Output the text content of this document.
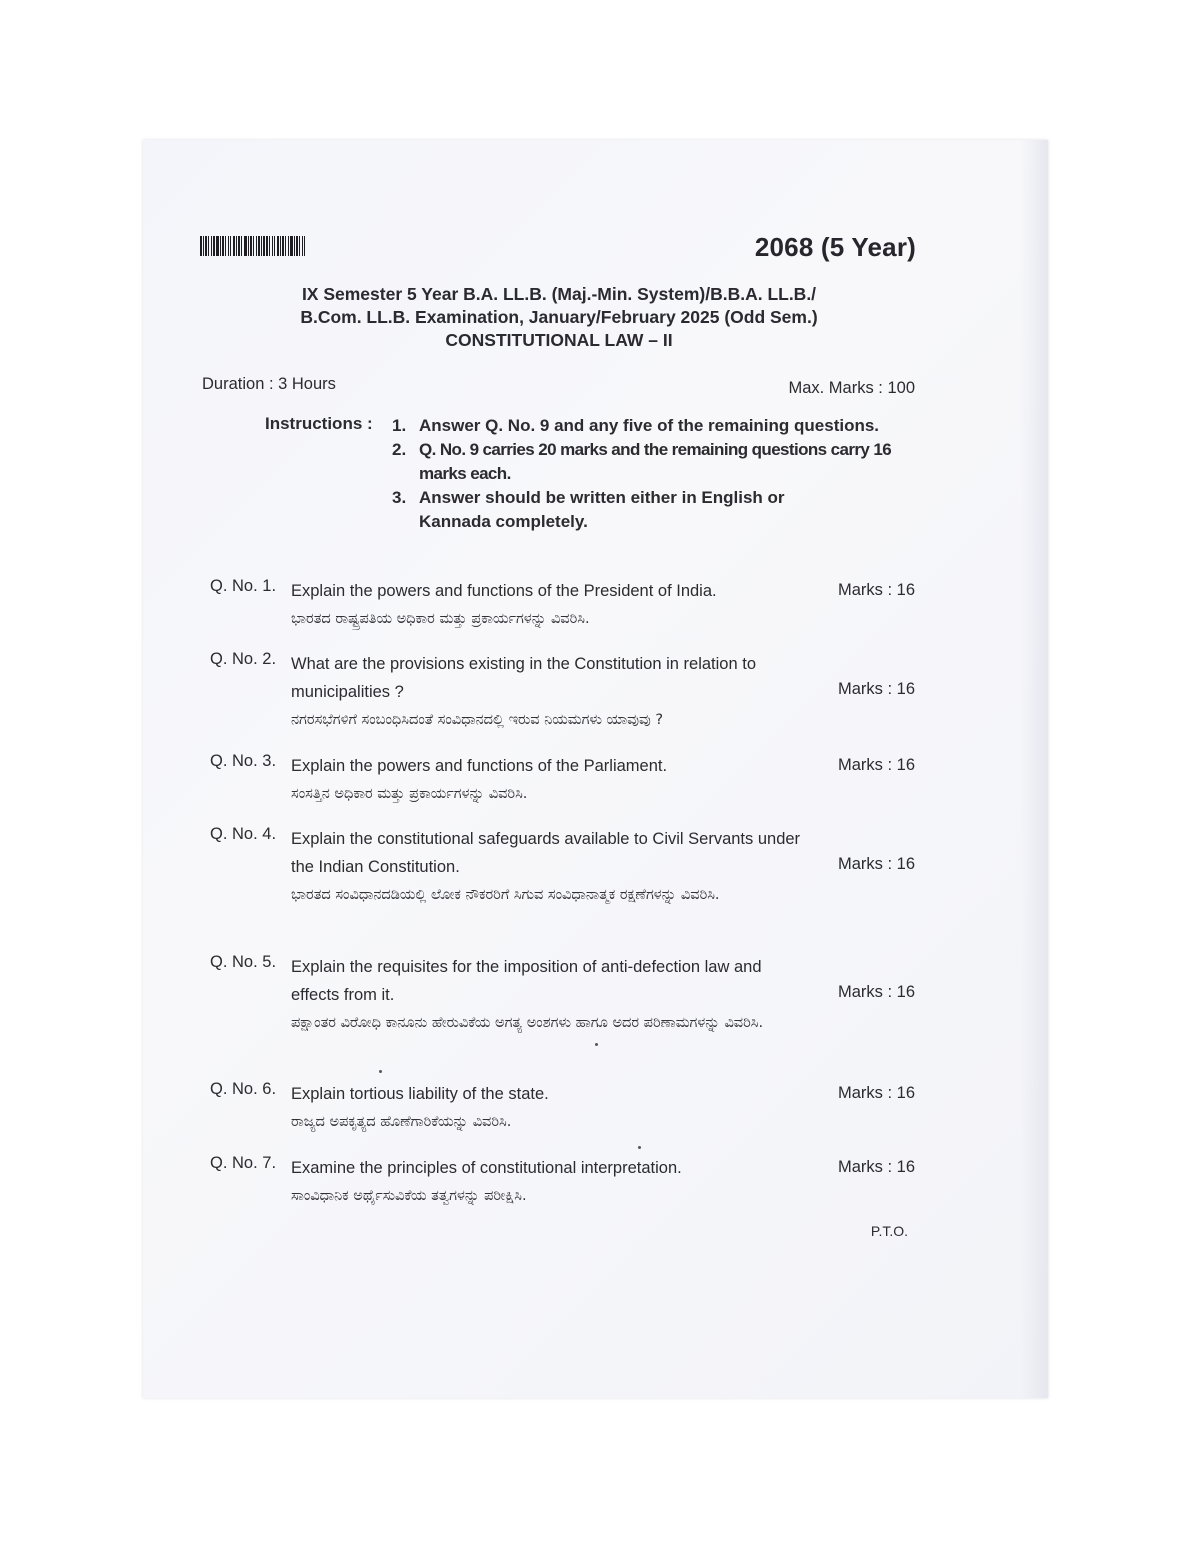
2068 (5 Year)
IX Semester 5 Year B.A. LL.B. (Maj.-Min. System)/B.B.A. LL.B./
B.Com. LL.B. Examination, January/February 2025 (Odd Sem.)
CONSTITUTIONAL LAW – II
Duration : 3 Hours	Max. Marks : 100
Instructions : 1. Answer Q. No. 9 and any five of the remaining questions.
2. Q. No. 9 carries 20 marks and the remaining questions carry 16 marks each.
3. Answer should be written either in English or Kannada completely.
Q. No. 1. Explain the powers and functions of the President of India.
ಭಾರತದ ರಾಷ್ಟ್ರಪತಿಯ ಅಧಿಕಾರ ಮತ್ತು ಪ್ರಕಾರ್ಯಗಳನ್ನು ವಿವರಿಸಿ.
Marks : 16
Q. No. 2. What are the provisions existing in the Constitution in relation to municipalities ?
ನಗರಸಭೆಗಳಿಗೆ ಸಂಬಂಧಿಸಿದಂತೆ ಸಂವಿಧಾನದಲ್ಲಿ ಇರುವ ನಿಯಮಗಳು ಯಾವುವು ?
Marks : 16
Q. No. 3. Explain the powers and functions of the Parliament.
ಸಂಸತ್ತಿನ ಅಧಿಕಾರ ಮತ್ತು ಪ್ರಕಾರ್ಯಗಳನ್ನು ವಿವರಿಸಿ.
Marks : 16
Q. No. 4. Explain the constitutional safeguards available to Civil Servants under the Indian Constitution.
ಭಾರತದ ಸಂವಿಧಾನದಡಿಯಲ್ಲಿ ಲೋಕ ನೌಕರರಿಗೆ ಸಿಗುವ ಸಂವಿಧಾನಾತ್ಮಕ ರಕ್ಷಣೆಗಳನ್ನು ವಿವರಿಸಿ.
Marks : 16
Q. No. 5. Explain the requisites for the imposition of anti-defection law and effects from it.
ಪಕ್ಷಾಂತರ ವಿರೋಧಿ ಕಾನೂನು ಹೇರುವಿಕೆಯ ಅಗತ್ಯ ಅಂಶಗಳು ಹಾಗೂ ಅದರ ಪರಿಣಾಮಗಳನ್ನು ವಿವರಿಸಿ.
Marks : 16
Q. No. 6. Explain tortious liability of the state.
ರಾಜ್ಯದ ಅಪಕೃತ್ಯದ ಹೊಣೆಗಾರಿಕೆಯನ್ನು ವಿವರಿಸಿ.
Marks : 16
Q. No. 7. Examine the principles of constitutional interpretation.
ಸಾಂವಿಧಾನಿಕ ಅರ್ಥೈಸುವಿಕೆಯ ತತ್ವಗಳನ್ನು ಪರೀಕ್ಷಿಸಿ.
Marks : 16
P.T.O.
